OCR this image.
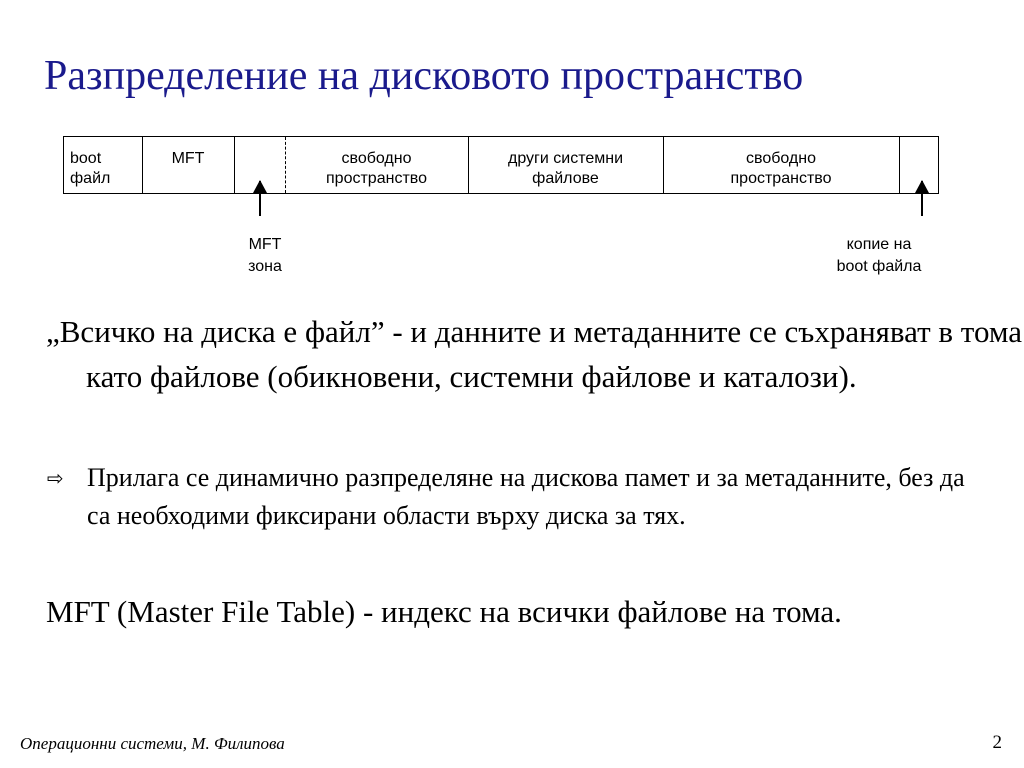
Разпределение на дисковото пространство
boot
файл
MFT	свободно
пространство
други системни
файлове
свободно
пространство
MFT
зона
копие на
boot файла
„Всичко на диска е файл” - и данните и метаданните се съхраняват в тома като файлове (обикновени, системни файлове и каталози).
⇨ Прилага се динамично разпределяне на дискова памет и за метаданните, без да са необходими фиксирани области върху диска за тях.
MFT (Master File Table) - индекс на всички файлове на тома.
Операционни системи, М. Филипова	2
